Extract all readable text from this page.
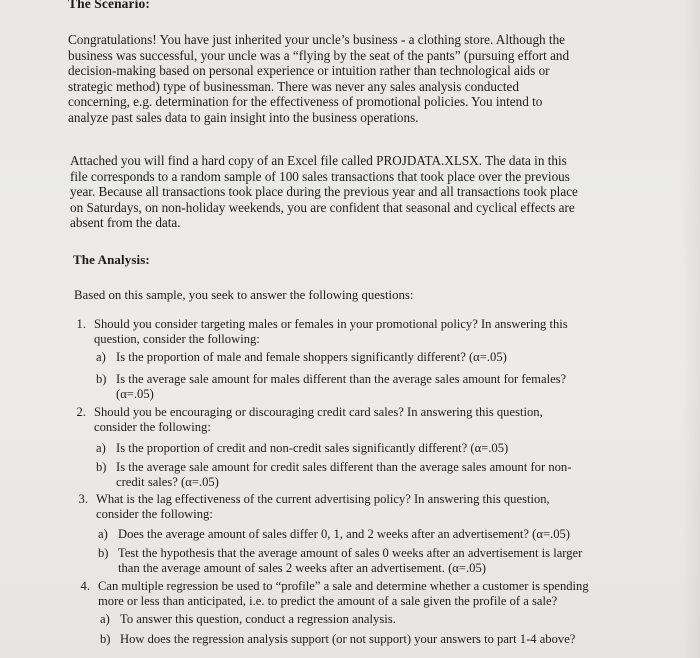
The Scenario:
Congratulations! You have just inherited your uncle’s business - a clothing store. Although the
business was successful, your uncle was a “flying by the seat of the pants” (pursuing effort and
decision-making based on personal experience or intuition rather than technological aids or
strategic method) type of businessman. There was never any sales analysis conducted
concerning, e.g. determination for the effectiveness of promotional policies. You intend to
analyze past sales data to gain insight into the business operations.
Attached you will find a hard copy of an Excel file called PROJDATA.XLSX. The data in this
file corresponds to a random sample of 100 sales transactions that took place over the previous
year. Because all transactions took place during the previous year and all transactions took place
on Saturdays, on non-holiday weekends, you are confident that seasonal and cyclical effects are
absent from the data.
The Analysis:
Based on this sample, you seek to answer the following questions:
1. Should you consider targeting males or females in your promotional policy? In answering this
question, consider the following:
a) Is the proportion of male and female shoppers significantly different? (α=.05)
b) Is the average sale amount for males different than the average sales amount for females?
(α=.05)
2. Should you be encouraging or discouraging credit card sales? In answering this question,
consider the following:
a) Is the proportion of credit and non-credit sales significantly different? (α=.05)
b) Is the average sale amount for credit sales different than the average sales amount for non-
credit sales? (α=.05)
3. What is the lag effectiveness of the current advertising policy? In answering this question,
consider the following:
a) Does the average amount of sales differ 0, 1, and 2 weeks after an advertisement? (α=.05)
b) Test the hypothesis that the average amount of sales 0 weeks after an advertisement is larger
than the average amount of sales 2 weeks after an advertisement. (α=.05)
4. Can multiple regression be used to “profile” a sale and determine whether a customer is spending
more or less than anticipated, i.e. to predict the amount of a sale given the profile of a sale?
a) To answer this question, conduct a regression analysis.
b) How does the regression analysis support (or not support) your answers to part 1-4 above?
